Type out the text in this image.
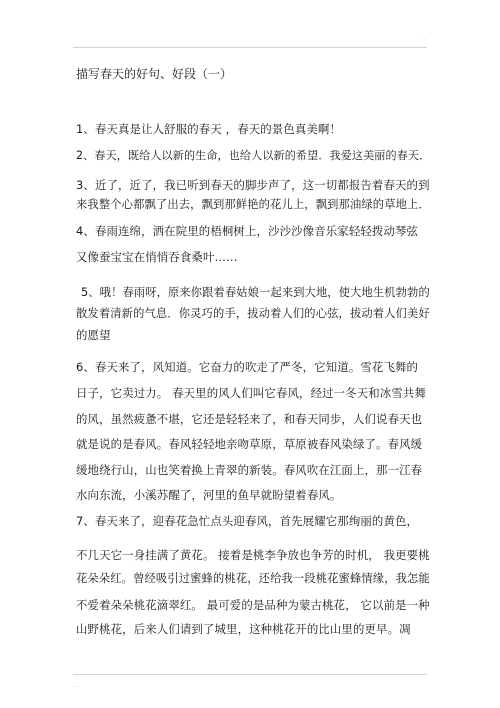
· ·
描写春天的好句、好段（一）
1、春天真是让人舒服的春天 ，春天的景色真美啊！
2、春天，既给人以新的生命，也给人以新的希望．我爱这美丽的春天．
3、近了，近了，我已听到春天的脚步声了，这一切都报告着春天的到
来我整个心都飘了出去，飘到那鲜艳的花儿上，飘到那油绿的草地上．
4、春雨连绵，洒在院里的梧桐树上，沙沙沙像音乐家轻轻拨动琴弦
又像蚕宝宝在悄悄吞食桑叶……
5、哦！春雨呀，原来你跟着春姑娘一起来到大地，使大地生机勃勃的
散发着清新的气息．你灵巧的手，拔动着人们的心弦，拔动着人们美好
的愿望
6、春天来了，风知道。它奋力的吹走了严冬，它知道。雪花飞舞的
日子，它卖过力。 春天里的风人们叫它春风，经过一冬天和冰雪共舞
的风，虽然疲惫不堪，它还是轻轻来了，和春天同步，人们说春天也
就是说的是春风。春风轻轻地亲吻草原，草原被春风染绿了。春风缓
缓地绕行山，山也笑着换上青翠的新装。春风吹在江面上，那一江春
水向东流，小溪苏醒了，河里的鱼早就盼望着春风。
7、春天来了，迎春花急忙点头迎春风，首先展耀它那绚丽的黄色，
不几天它一身挂满了黄花。 接着是桃李争放也争芳的时机， 我更要桃
花朵朵红。曾经吸引过蜜蜂的桃花，还给我一段桃花蜜蜂情缘，我怎能
不爱着朵朵桃花滴翠红。 最可爱的是品种为蒙古桃花， 它以前是一种
山野桃花，后来人们请到了城里，这种桃花开的比山里的更早。凋
· ·
